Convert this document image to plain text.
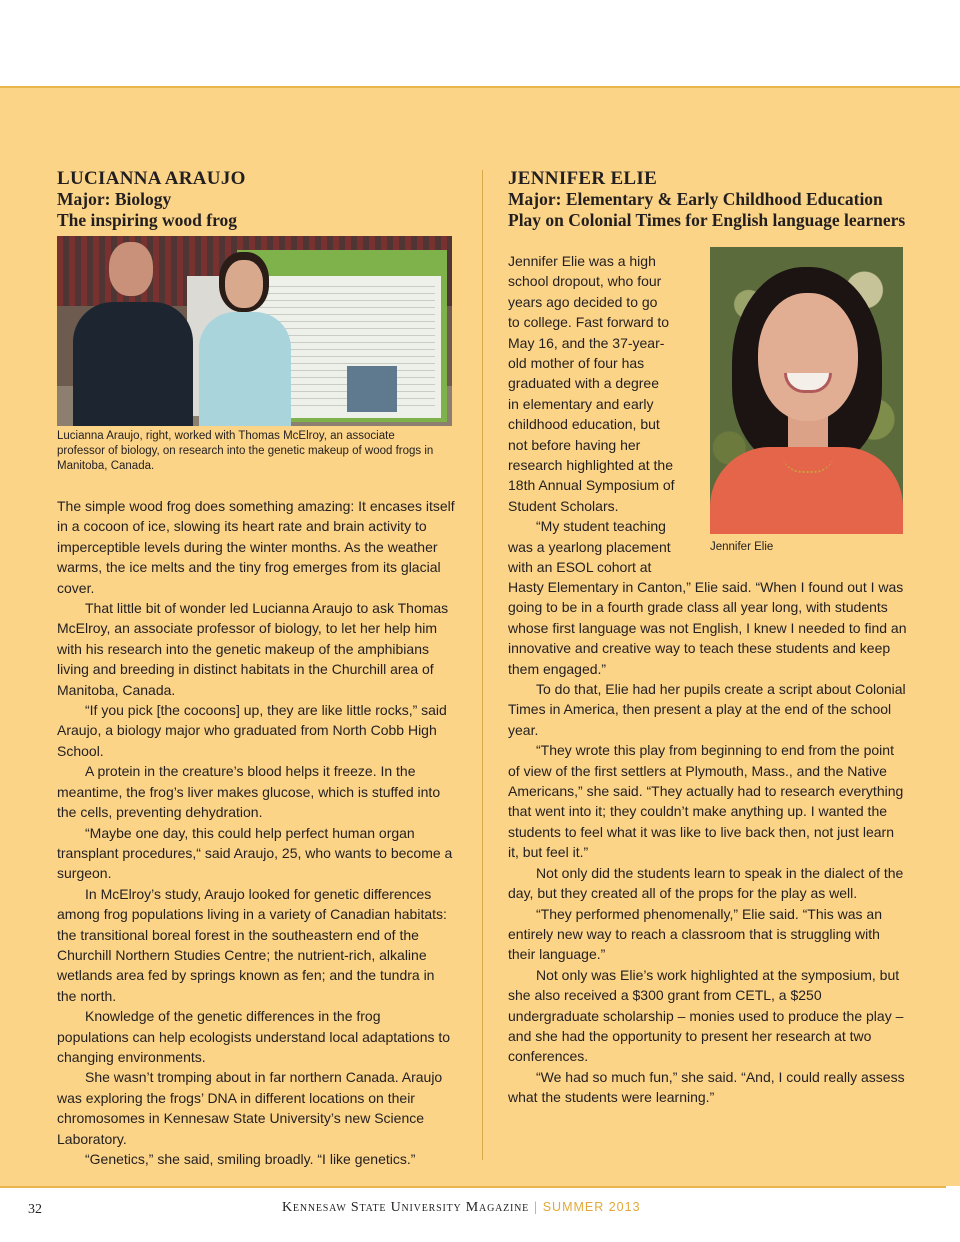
LUCIANNA ARAUJO
Major: Biology
The inspiring wood frog
Lucianna Araujo, right, worked with Thomas McElroy, an associate professor of biology, on research into the genetic makeup of wood frogs in Manitoba, Canada.

The simple wood frog does something amazing: It encases itself in a cocoon of ice, slowing its heart rate and brain activity to imperceptible levels during the winter months. As the weather warms, the ice melts and the tiny frog emerges from its glacial cover.

That little bit of wonder led Lucianna Araujo to ask Thomas McElroy, an associate professor of biology, to let her help him with his research into the genetic makeup of the amphibians living and breeding in distinct habitats in the Churchill area of Manitoba, Canada.

“If you pick [the cocoons] up, they are like little rocks,” said Araujo, a biology major who graduated from North Cobb High School.

A protein in the creature’s blood helps it freeze. In the meantime, the frog’s liver makes glucose, which is stuffed into the cells, preventing dehydration.

“Maybe one day, this could help perfect human organ transplant procedures,“ said Araujo, 25, who wants to become a surgeon.

In McElroy’s study, Araujo looked for genetic differences among frog populations living in a variety of Canadian habitats: the transitional boreal forest in the southeastern end of the Churchill Northern Studies Centre; the nutrient-rich, alkaline wetlands area fed by springs known as fen; and the tundra in the north.

Knowledge of the genetic differences in the frog populations can help ecologists understand local adaptations to changing environments.

She wasn’t tromping about in far northern Canada. Araujo was exploring the frogs’ DNA in different locations on their chromosomes in Kennesaw State University’s new Science Laboratory.

“Genetics,” she said, smiling broadly. “I like genetics.”

JENNIFER ELIE
Major: Elementary & Early Childhood Education
Play on Colonial Times for English language learners
Jennifer Elie was a high
school dropout, who four
years ago decided to go
to college. Fast forward to
May 16, and the 37-year-
old mother of four has
graduated with a degree
in elementary and early
childhood education, but
not before having her
research highlighted at the
18th Annual Symposium of
Student Scholars.
“My student teaching
was a yearlong placement
with an ESOL cohort at
Jennifer Elie

Hasty Elementary in Canton,” Elie said. “When I found out I was going to be in a fourth grade class all year long, with students whose first language was not English, I knew I needed to find an innovative and creative way to teach these students and keep them engaged.”

To do that, Elie had her pupils create a script about Colonial Times in America, then present a play at the end of the school year.

“They wrote this play from beginning to end from the point of view of the first settlers at Plymouth, Mass., and the Native Americans,” she said. “They actually had to research everything that went into it; they couldn’t make anything up. I wanted the students to feel what it was like to live back then, not just learn it, but feel it.”

Not only did the students learn to speak in the dialect of the day, but they created all of the props for the play as well.

“They performed phenomenally,” Elie said. “This was an entirely new way to reach a classroom that is struggling with their language.”

Not only was Elie’s work highlighted at the symposium, but she also received a $300 grant from CETL, a $250 undergraduate scholarship – monies used to produce the play – and she had the opportunity to present her research at two conferences.

“We had so much fun,” she said. “And, I could really assess what the students were learning.”

32	Kennesaw State University Magazine | SUMMER 2013
